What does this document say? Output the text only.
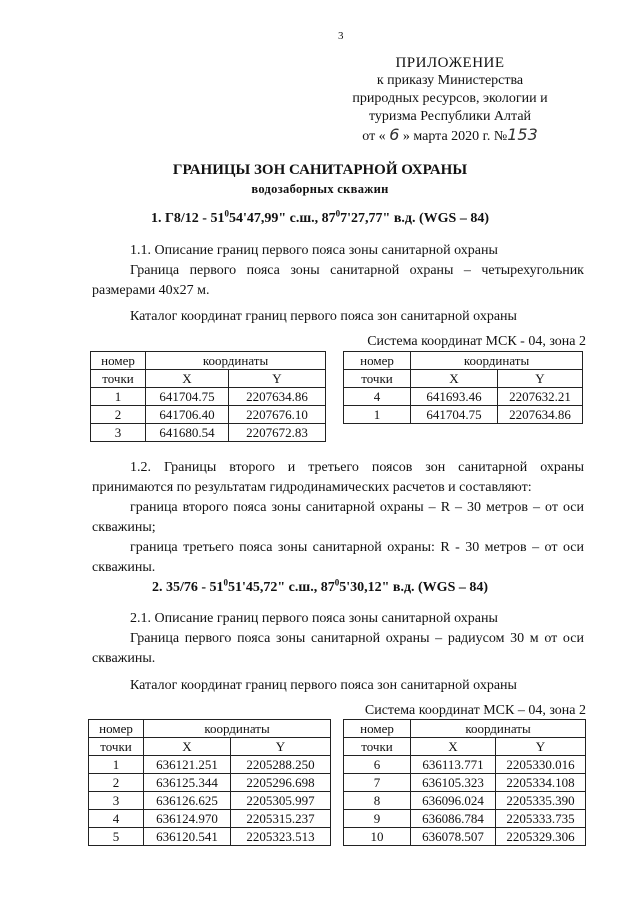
3
ПРИЛОЖЕНИЕ
к приказу Министерства
природных ресурсов, экологии и
туризма Республики Алтай
от « 6 » марта 2020 г. №153
ГРАНИЦЫ ЗОН САНИТАРНОЙ ОХРАНЫ
водозаборных скважин
1. $Г8/12 - 51^054'47,99$" с.ш., $87^07'27,77$" в.д. (WGS – 84)
1.1. Описание границ первого пояса зоны санитарной охраны
Граница первого пояса зоны санитарной охраны – четырехугольник размерами 40х27 м.
Каталог координат границ первого пояса зон санитарной охраны
Система координат МСК - 04, зона 2
номер	координаты	
точки	X	Y
1	641704.75	2207634.86
2	641706.40	2207676.10
3	641680.54	2207672.83
номер	координаты	
точки	X	Y
4	641693.46	2207632.21
1	641704.75	2207634.86
1.2. Границы второго и третьего поясов зон санитарной охраны принимаются по результатам гидродинамических расчетов и составляют:
граница второго пояса зоны санитарной охраны – R – 30 метров – от оси скважины;
граница третьего пояса зоны санитарной охраны: R - 30 метров – от оси скважины.
2. $35/76 - 51^051'45,72$" с.ш., $87^05'30,12$" в.д. (WGS – 84)
2.1. Описание границ первого пояса зоны санитарной охраны
Граница первого пояса зоны санитарной охраны – радиусом 30 м от оси скважины.
Каталог координат границ первого пояса зон санитарной охраны
Система координат МСК – 04, зона 2
номер	координаты	
точки	X	Y
1	636121.251	2205288.250
2	636125.344	2205296.698
3	636126.625	2205305.997
4	636124.970	2205315.237
5	636120.541	2205323.513
номер	координаты	
точки	X	Y
6	636113.771	2205330.016
7	636105.323	2205334.108
8	636096.024	2205335.390
9	636086.784	2205333.735
10	636078.507	2205329.306
